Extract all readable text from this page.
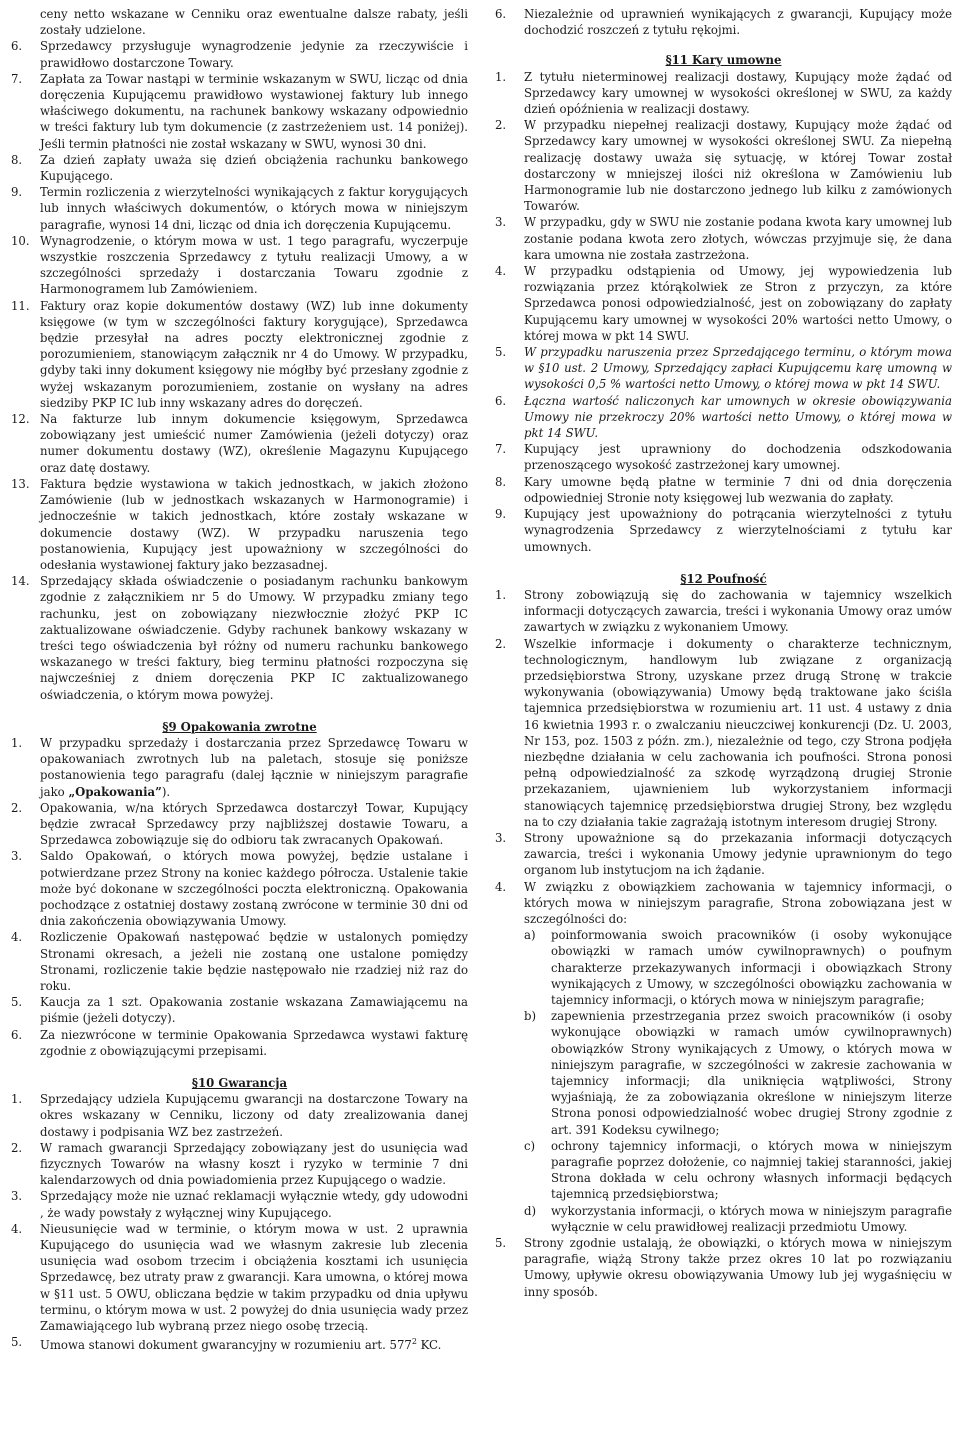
ceny netto wskazane w Cenniku oraz ewentualne dalsze rabaty, jeśli zostały udzielone.
6.	Sprzedawcy przysługuje wynagrodzenie jedynie za rzeczywiście i prawidłowo dostarczone Towary.
7.	Zapłata za Towar nastąpi w terminie wskazanym w SWU, licząc od dnia doręczenia Kupującemu prawidłowo wystawionej faktury lub innego właściwego dokumentu, na rachunek bankowy wskazany odpowiednio w treści faktury lub tym dokumencie (z zastrzeżeniem ust. 14 poniżej). Jeśli termin płatności nie został wskazany w SWU, wynosi 30 dni.
8.	Za dzień zapłaty uważa się dzień obciążenia rachunku bankowego Kupującego.
9.	Termin rozliczenia z wierzytelności wynikających z faktur korygujących lub innych właściwych dokumentów, o których mowa w niniejszym paragrafie, wynosi 14 dni, licząc od dnia ich doręczenia Kupującemu.
10. Wynagrodzenie, o którym mowa w ust. 1 tego paragrafu, wyczerpuje wszystkie roszczenia Sprzedawcy z tytułu realizacji Umowy, a w szczególności sprzedaży i dostarczania Towaru zgodnie z Harmonogramem lub Zamówieniem.
11. Faktury oraz kopie dokumentów dostawy (WZ) lub inne dokumenty księgowe (w tym w szczególności faktury korygujące), Sprzedawca będzie przesyłał na adres poczty elektronicznej zgodnie z porozumieniem, stanowiącym załącznik nr 4 do Umowy. W przypadku, gdyby taki inny dokument księgowy nie mógłby być przesłany zgodnie z wyżej wskazanym porozumieniem, zostanie on wysłany na adres siedziby PKP IC lub inny wskazany adres do doręczeń.
12. Na fakturze lub innym dokumencie księgowym, Sprzedawca zobowiązany jest umieścić numer Zamówienia (jeżeli dotyczy) oraz numer dokumentu dostawy (WZ), określenie Magazynu Kupującego oraz datę dostawy.
13. Faktura będzie wystawiona w takich jednostkach, w jakich złożono Zamówienie (lub w jednostkach wskazanych w Harmonogramie) i jednocześnie w takich jednostkach, które zostały wskazane w dokumencie dostawy (WZ). W przypadku naruszenia tego postanowienia, Kupujący jest upoważniony w szczególności do odesłania wystawionej faktury jako bezzasadnej.
14. Sprzedający składa oświadczenie o posiadanym rachunku bankowym zgodnie z załącznikiem nr 5 do Umowy. W przypadku zmiany tego rachunku, jest on zobowiązany niezwłocznie złożyć PKP IC zaktualizowane oświadczenie. Gdyby rachunek bankowy wskazany w treści tego oświadczenia był różny od numeru rachunku bankowego wskazanego w treści faktury, bieg terminu płatności rozpoczyna się najwcześniej z dniem doręczenia PKP IC zaktualizowanego oświadczenia, o którym mowa powyżej.
§9 Opakowania zwrotne
1.	W przypadku sprzedaży i dostarczania przez Sprzedawcę Towaru w opakowaniach zwrotnych lub na paletach, stosuje się poniższe postanowienia tego paragrafu (dalej łącznie w niniejszym paragrafie jako „Opakowania”).
2.	Opakowania, w/na których Sprzedawca dostarczył Towar, Kupujący będzie zwracał Sprzedawcy przy najbliższej dostawie Towaru, a Sprzedawca zobowiązuje się do odbioru tak zwracanych Opakowań.
3.	Saldo Opakowań, o których mowa powyżej, będzie ustalane i potwierdzane przez Strony na koniec każdego półrocza. Ustalenie takie może być dokonane w szczególności poczta elektroniczną. Opakowania pochodzące z ostatniej dostawy zostaną zwrócone w terminie 30 dni od dnia zakończenia obowiązywania Umowy.
4.	Rozliczenie Opakowań następować będzie w ustalonych pomiędzy Stronami okresach, a jeżeli nie zostaną one ustalone pomiędzy Stronami, rozliczenie takie będzie następowało nie rzadziej niż raz do roku.
5.	Kaucja za 1 szt. Opakowania zostanie wskazana Zamawiającemu na piśmie (jeżeli dotyczy).
6.	Za niezwrócone w terminie Opakowania Sprzedawca wystawi fakturę zgodnie z obowiązującymi przepisami.
§10 Gwarancja
1.	Sprzedający udziela Kupującemu gwarancji na dostarczone Towary na okres wskazany w Cenniku, liczony od daty zrealizowania danej dostawy i podpisania WZ bez zastrzeżeń.
2.	W ramach gwarancji Sprzedający zobowiązany jest do usunięcia wad fizycznych Towarów na własny koszt i ryzyko w terminie 7 dni kalendarzowych od dnia powiadomienia przez Kupującego o wadzie.
3.	Sprzedający może nie uznać reklamacji wyłącznie wtedy, gdy udowodni , że wady powstały z wyłącznej winy Kupującego.
4.	Nieusunięcie wad w terminie, o którym mowa w ust. 2 uprawnia Kupującego do usunięcia wad we własnym zakresie lub zlecenia usunięcia wad osobom trzecim i obciążenia kosztami ich usunięcia Sprzedawcę, bez utraty praw z gwarancji. Kara umowna, o której mowa w §11 ust. 5 OWU, obliczana będzie w takim przypadku od dnia upływu terminu, o którym mowa w ust. 2 powyżej do dnia usunięcia wady przez Zamawiającego lub wybraną przez niego osobę trzecią.
5.	Umowa stanowi dokument gwarancyjny w rozumieniu art. $577^2$ KC.
6.	Niezależnie od uprawnień wynikających z gwarancji, Kupujący może dochodzić roszczeń z tytułu rękojmi.
§11 Kary umowne
1.	Z tytułu nieterminowej realizacji dostawy, Kupujący może żądać od Sprzedawcy kary umownej w wysokości określonej w SWU, za każdy dzień opóźnienia w realizacji dostawy.
2.	W przypadku niepełnej realizacji dostawy, Kupujący może żądać od Sprzedawcy kary umownej w wysokości określonej SWU. Za niepełną realizację dostawy uważa się sytuację, w której Towar został dostarczony w mniejszej ilości niż określona w Zamówieniu lub Harmonogramie lub nie dostarczono jednego lub kilku z zamówionych Towarów.
3.	W przypadku, gdy w SWU nie zostanie podana kwota kary umownej lub zostanie podana kwota zero złotych, wówczas przyjmuje się, że dana kara umowna nie została zastrzeżona.
4.	W przypadku odstąpienia od Umowy, jej wypowiedzenia lub rozwiązania przez którąkolwiek ze Stron z przyczyn, za które Sprzedawca ponosi odpowiedzialność, jest on zobowiązany do zapłaty Kupującemu kary umownej w wysokości 20% wartości netto Umowy, o której mowa w pkt 14 SWU.
5.	W przypadku naruszenia przez Sprzedającego terminu, o którym mowa w §10 ust. 2 Umowy, Sprzedający zapłaci Kupującemu karę umowną w wysokości 0,5 % wartości netto Umowy, o której mowa w pkt 14 SWU.
6.	Łączna wartość naliczonych kar umownych w okresie obowiązywania Umowy nie przekroczy 20% wartości netto Umowy, o której mowa w pkt 14 SWU.
7.	Kupujący jest uprawniony do dochodzenia odszkodowania przenoszącego wysokość zastrzeżonej kary umownej.
8.	Kary umowne będą płatne w terminie 7 dni od dnia doręczenia odpowiedniej Stronie noty księgowej lub wezwania do zapłaty.
9.	Kupujący jest upoważniony do potrącania wierzytelności z tytułu wynagrodzenia Sprzedawcy z wierzytelnościami z tytułu kar umownych.
§12 Poufność
1.	Strony zobowiązują się do zachowania w tajemnicy wszelkich informacji dotyczących zawarcia, treści i wykonania Umowy oraz umów zawartych w związku z wykonaniem Umowy.
2.	Wszelkie informacje i dokumenty o charakterze technicznym, technologicznym, handlowym lub związane z organizacją przedsiębiorstwa Strony, uzyskane przez drugą Stronę w trakcie wykonywania (obowiązywania) Umowy będą traktowane jako ściśla tajemnica przedsiębiorstwa w rozumieniu art. 11 ust. 4 ustawy z dnia 16 kwietnia 1993 r. o zwalczaniu nieuczciwej konkurencji (Dz. U. 2003, Nr 153, poz. 1503 z późn. zm.), niezależnie od tego, czy Strona podjęła niezbędne działania w celu zachowania ich poufności. Strona ponosi pełną odpowiedzialność za szkodę wyrządzoną drugiej Stronie przekazaniem, ujawnieniem lub wykorzystaniem informacji stanowiących tajemnicę przedsiębiorstwa drugiej Strony, bez względu na to czy działania takie zagrażają istotnym interesom drugiej Strony.
3.	Strony upoważnione są do przekazania informacji dotyczących zawarcia, treści i wykonania Umowy jedynie uprawnionym do tego organom lub instytucjom na ich żądanie.
4.	W związku z obowiązkiem zachowania w tajemnicy informacji, o których mowa w niniejszym paragrafie, Strona zobowiązana jest w szczególności do:
a)	poinformowania swoich pracowników (i osoby wykonujące obowiązki w ramach umów cywilnoprawnych) o poufnym charakterze przekazywanych informacji i obowiązkach Strony wynikających z Umowy, w szczególności obowiązku zachowania w tajemnicy informacji, o których mowa w niniejszym paragrafie;
b)	zapewnienia przestrzegania przez swoich pracowników (i osoby wykonujące obowiązki w ramach umów cywilnoprawnych) obowiązków Strony wynikających z Umowy, o których mowa w niniejszym paragrafie, w szczególności w zakresie zachowania w tajemnicy informacji; dla uniknięcia wątpliwości, Strony wyjaśniają, że za zobowiązania określone w niniejszym literze Strona ponosi odpowiedzialność wobec drugiej Strony zgodnie z art. 391 Kodeksu cywilnego;
c)	ochrony tajemnicy informacji, o których mowa w niniejszym paragrafie poprzez dołożenie, co najmniej takiej staranności, jakiej Strona dokłada w celu ochrony własnych informacji będących tajemnicą przedsiębiorstwa;
d)	wykorzystania informacji, o których mowa w niniejszym paragrafie wyłącznie w celu prawidłowej realizacji przedmiotu Umowy.
5.	Strony zgodnie ustalają, że obowiązki, o których mowa w niniejszym paragrafie, wiążą Strony także przez okres 10 lat po rozwiązaniu Umowy, upływie okresu obowiązywania Umowy lub jej wygaśnięciu w inny sposób.
